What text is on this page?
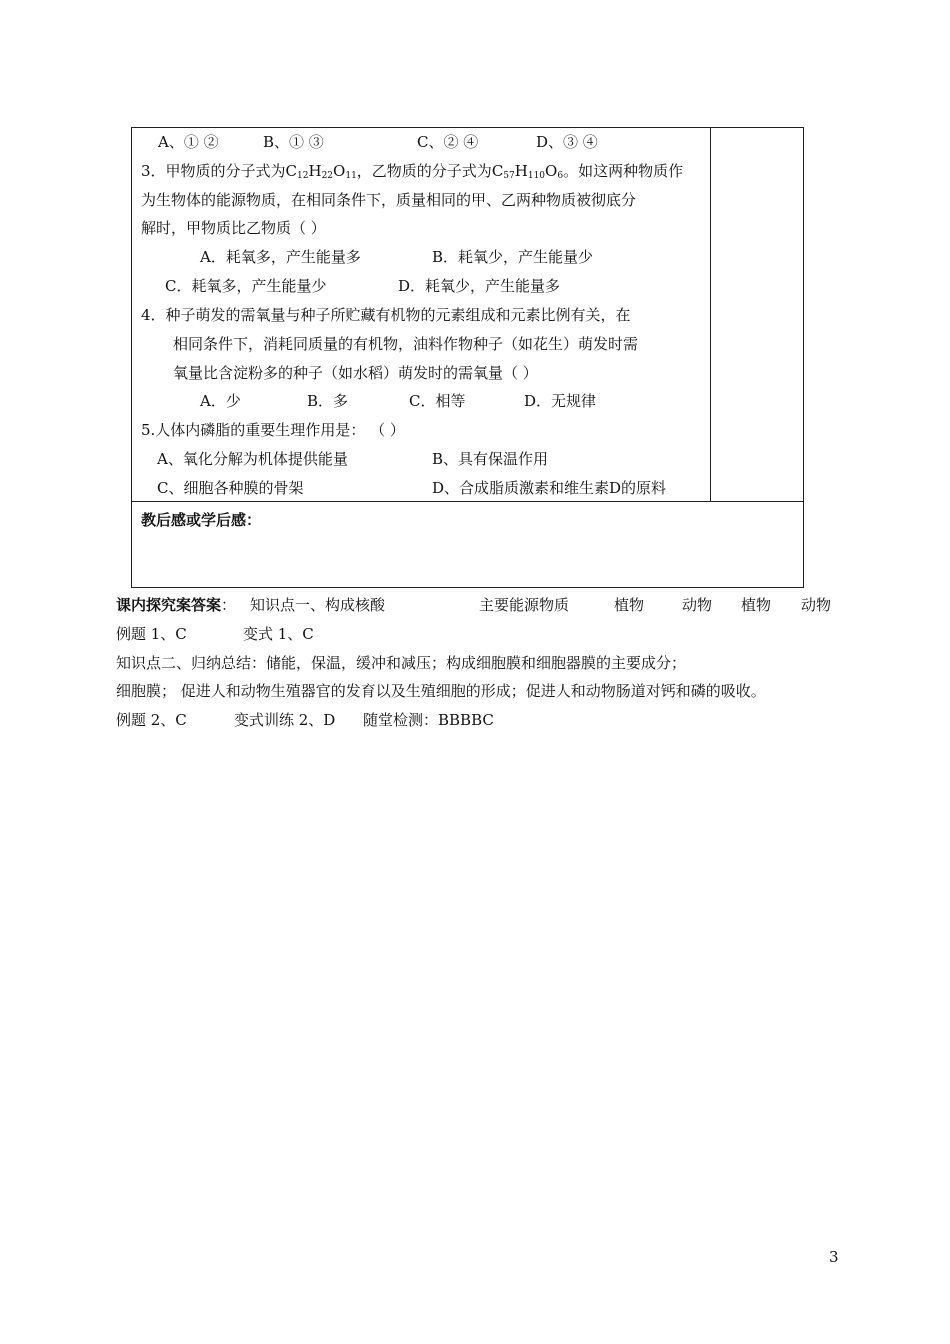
A、① ②	B、① ③	C、② ④	D、③ ④
3．甲物质的分子式为$C_{12}H_{22}O_{11}$，乙物质的分子式为$C_{57}H_{110}O_6$。如这两种物质作
为生物体的能源物质，在相同条件下，质量相同的甲、乙两种物质被彻底分
解时，甲物质比乙物质（ ）
A．耗氧多，产生能量多	B．耗氧少，产生能量少
C．耗氧多，产生能量少	D．耗氧少，产生能量多
4．种子萌发的需氧量与种子所贮藏有机物的元素组成和元素比例有关，在
相同条件下，消耗同质量的有机物，油料作物种子（如花生）萌发时需
氧量比含淀粉多的种子（如水稻）萌发时的需氧量（ ）
A．少	B．多	C．相等	D．无规律
5.人体内磷脂的重要生理作用是： （ ）
A、氧化分解为机体提供能量	B、具有保温作用
C、细胞各种膜的骨架	D、合成脂质激素和维生素D的原料
教后感或学后感：
课内探究案答案： 知识点一、构成核酸	主要能源物质	植物	动物 植物 动物
例题 1、C	变式 1、C
知识点二、归纳总结：储能，保温，缓冲和减压；构成细胞膜和细胞器膜的主要成分；
细胞膜； 促进人和动物生殖器官的发育以及生殖细胞的形成；促进人和动物肠道对钙和磷的吸收。
例题 2、C	变式训练 2、D 随堂检测：BBBBC
3
